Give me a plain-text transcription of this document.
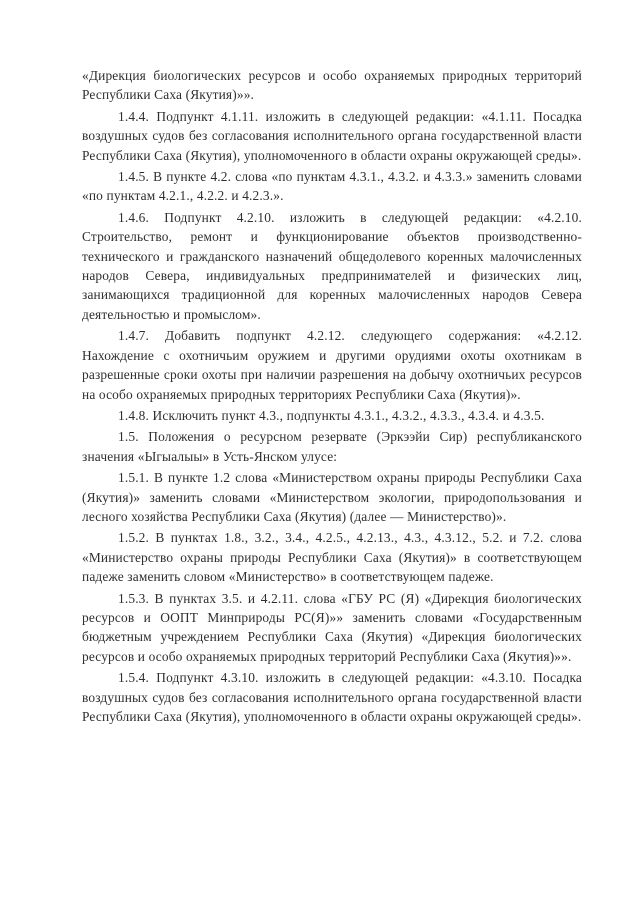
«Дирекция биологических ресурсов и особо охраняемых природных территорий Республики Саха (Якутия)»».

1.4.4. Подпункт 4.1.11. изложить в следующей редакции: «4.1.11. Посадка воздушных судов без согласования исполнительного органа государственной власти Республики Саха (Якутия), уполномоченного в области охраны окружающей среды».

1.4.5. В пункте 4.2. слова «по пунктам 4.3.1., 4.3.2. и 4.3.3.» заменить словами «по пунктам 4.2.1., 4.2.2. и 4.2.3.».

1.4.6. Подпункт 4.2.10. изложить в следующей редакции: «4.2.10. Строительство, ремонт и функционирование объектов производственно-технического и гражданского назначений общедолевого коренных малочисленных народов Севера, индивидуальных предпринимателей и физических лиц, занимающихся традиционной для коренных малочисленных народов Севера деятельностью и промыслом».

1.4.7. Добавить подпункт 4.2.12. следующего содержания: «4.2.12. Нахождение с охотничьим оружием и другими орудиями охоты охотникам в разрешенные сроки охоты при наличии разрешения на добычу охотничьих ресурсов на особо охраняемых природных территориях Республики Саха (Якутия)».

1.4.8. Исключить пункт 4.3., подпункты 4.3.1., 4.3.2., 4.3.3., 4.3.4. и 4.3.5.

1.5. Положения о ресурсном резервате (Эркээйи Сир) республиканского значения «Ыгыалыы» в Усть-Янском улусе:

1.5.1. В пункте 1.2 слова «Министерством охраны природы Республики Саха (Якутия)» заменить словами «Министерством экологии, природопользования и лесного хозяйства Республики Саха (Якутия) (далее — Министерство)».

1.5.2. В пунктах 1.8., 3.2., 3.4., 4.2.5., 4.2.13., 4.3., 4.3.12., 5.2. и 7.2. слова «Министерство охраны природы Республики Саха (Якутия)» в соответствующем падеже заменить словом «Министерство» в соответствующем падеже.

1.5.3. В пунктах 3.5. и 4.2.11. слова «ГБУ РС (Я) «Дирекция биологических ресурсов и ООПТ Минприроды РС(Я)»» заменить словами «Государственным бюджетным учреждением Республики Саха (Якутия) «Дирекция биологических ресурсов и особо охраняемых природных территорий Республики Саха (Якутия)»».

1.5.4. Подпункт 4.3.10. изложить в следующей редакции: «4.3.10. Посадка воздушных судов без согласования исполнительного органа государственной власти Республики Саха (Якутия), уполномоченного в области охраны окружающей среды».
